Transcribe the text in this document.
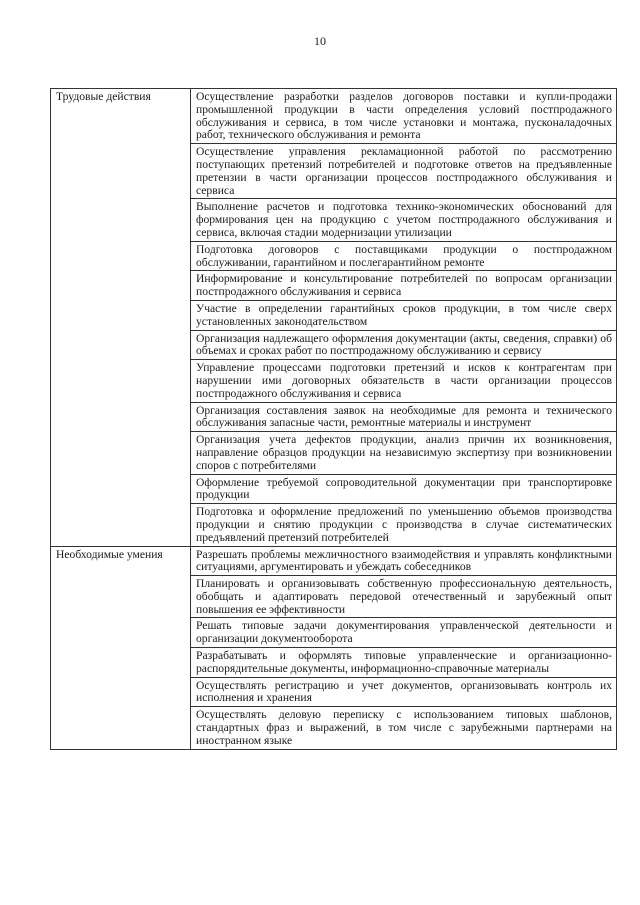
10
Трудовые действия	Осуществление разработки разделов договоров поставки и купли-продажи промышленной продукции в части определения условий постпродажного обслуживания и сервиса, в том числе установки и монтажа, пусконаладочных работ, технического обслуживания и ремонта
	Осуществление управления рекламационной работой по рассмотрению поступающих претензий потребителей и подготовке ответов на предъявленные претензии в части организации процессов постпродажного обслуживания и сервиса
	Выполнение расчетов и подготовка технико-экономических обоснований для формирования цен на продукцию с учетом постпродажного обслуживания и сервиса, включая стадии модернизации утилизации
	Подготовка договоров с поставщиками продукции о постпродажном обслуживании, гарантийном и послегарантийном ремонте
	Информирование и консультирование потребителей по вопросам организации постпродажного обслуживания и сервиса
	Участие в определении гарантийных сроков продукции, в том числе сверх установленных законодательством
	Организация надлежащего оформления документации (акты, сведения, справки) об объемах и сроках работ по постпродажному обслуживанию и сервису
	Управление процессами подготовки претензий и исков к контрагентам при нарушении ими договорных обязательств в части организации процессов постпродажного обслуживания и сервиса
	Организация составления заявок на необходимые для ремонта и технического обслуживания запасные части, ремонтные материалы и инструмент
	Организация учета дефектов продукции, анализ причин их возникновения, направление образцов продукции на независимую экспертизу при возникновении споров с потребителями
	Оформление требуемой сопроводительной документации при транспортировке продукции
	Подготовка и оформление предложений по уменьшению объемов производства продукции и снятию продукции с производства в случае систематических предъявлений претензий потребителей
Необходимые умения	Разрешать проблемы межличностного взаимодействия и управлять конфликтными ситуациями, аргументировать и убеждать собеседников
	Планировать и организовывать собственную профессиональную деятельность, обобщать и адаптировать передовой отечественный и зарубежный опыт повышения ее эффективности
	Решать типовые задачи документирования управленческой деятельности и организации документооборота
	Разрабатывать и оформлять типовые управленческие и организационно-распорядительные документы, информационно-справочные материалы
	Осуществлять регистрацию и учет документов, организовывать контроль их исполнения и хранения
	Осуществлять деловую переписку с использованием типовых шаблонов, стандартных фраз и выражений, в том числе с зарубежными партнерами на иностранном языке
